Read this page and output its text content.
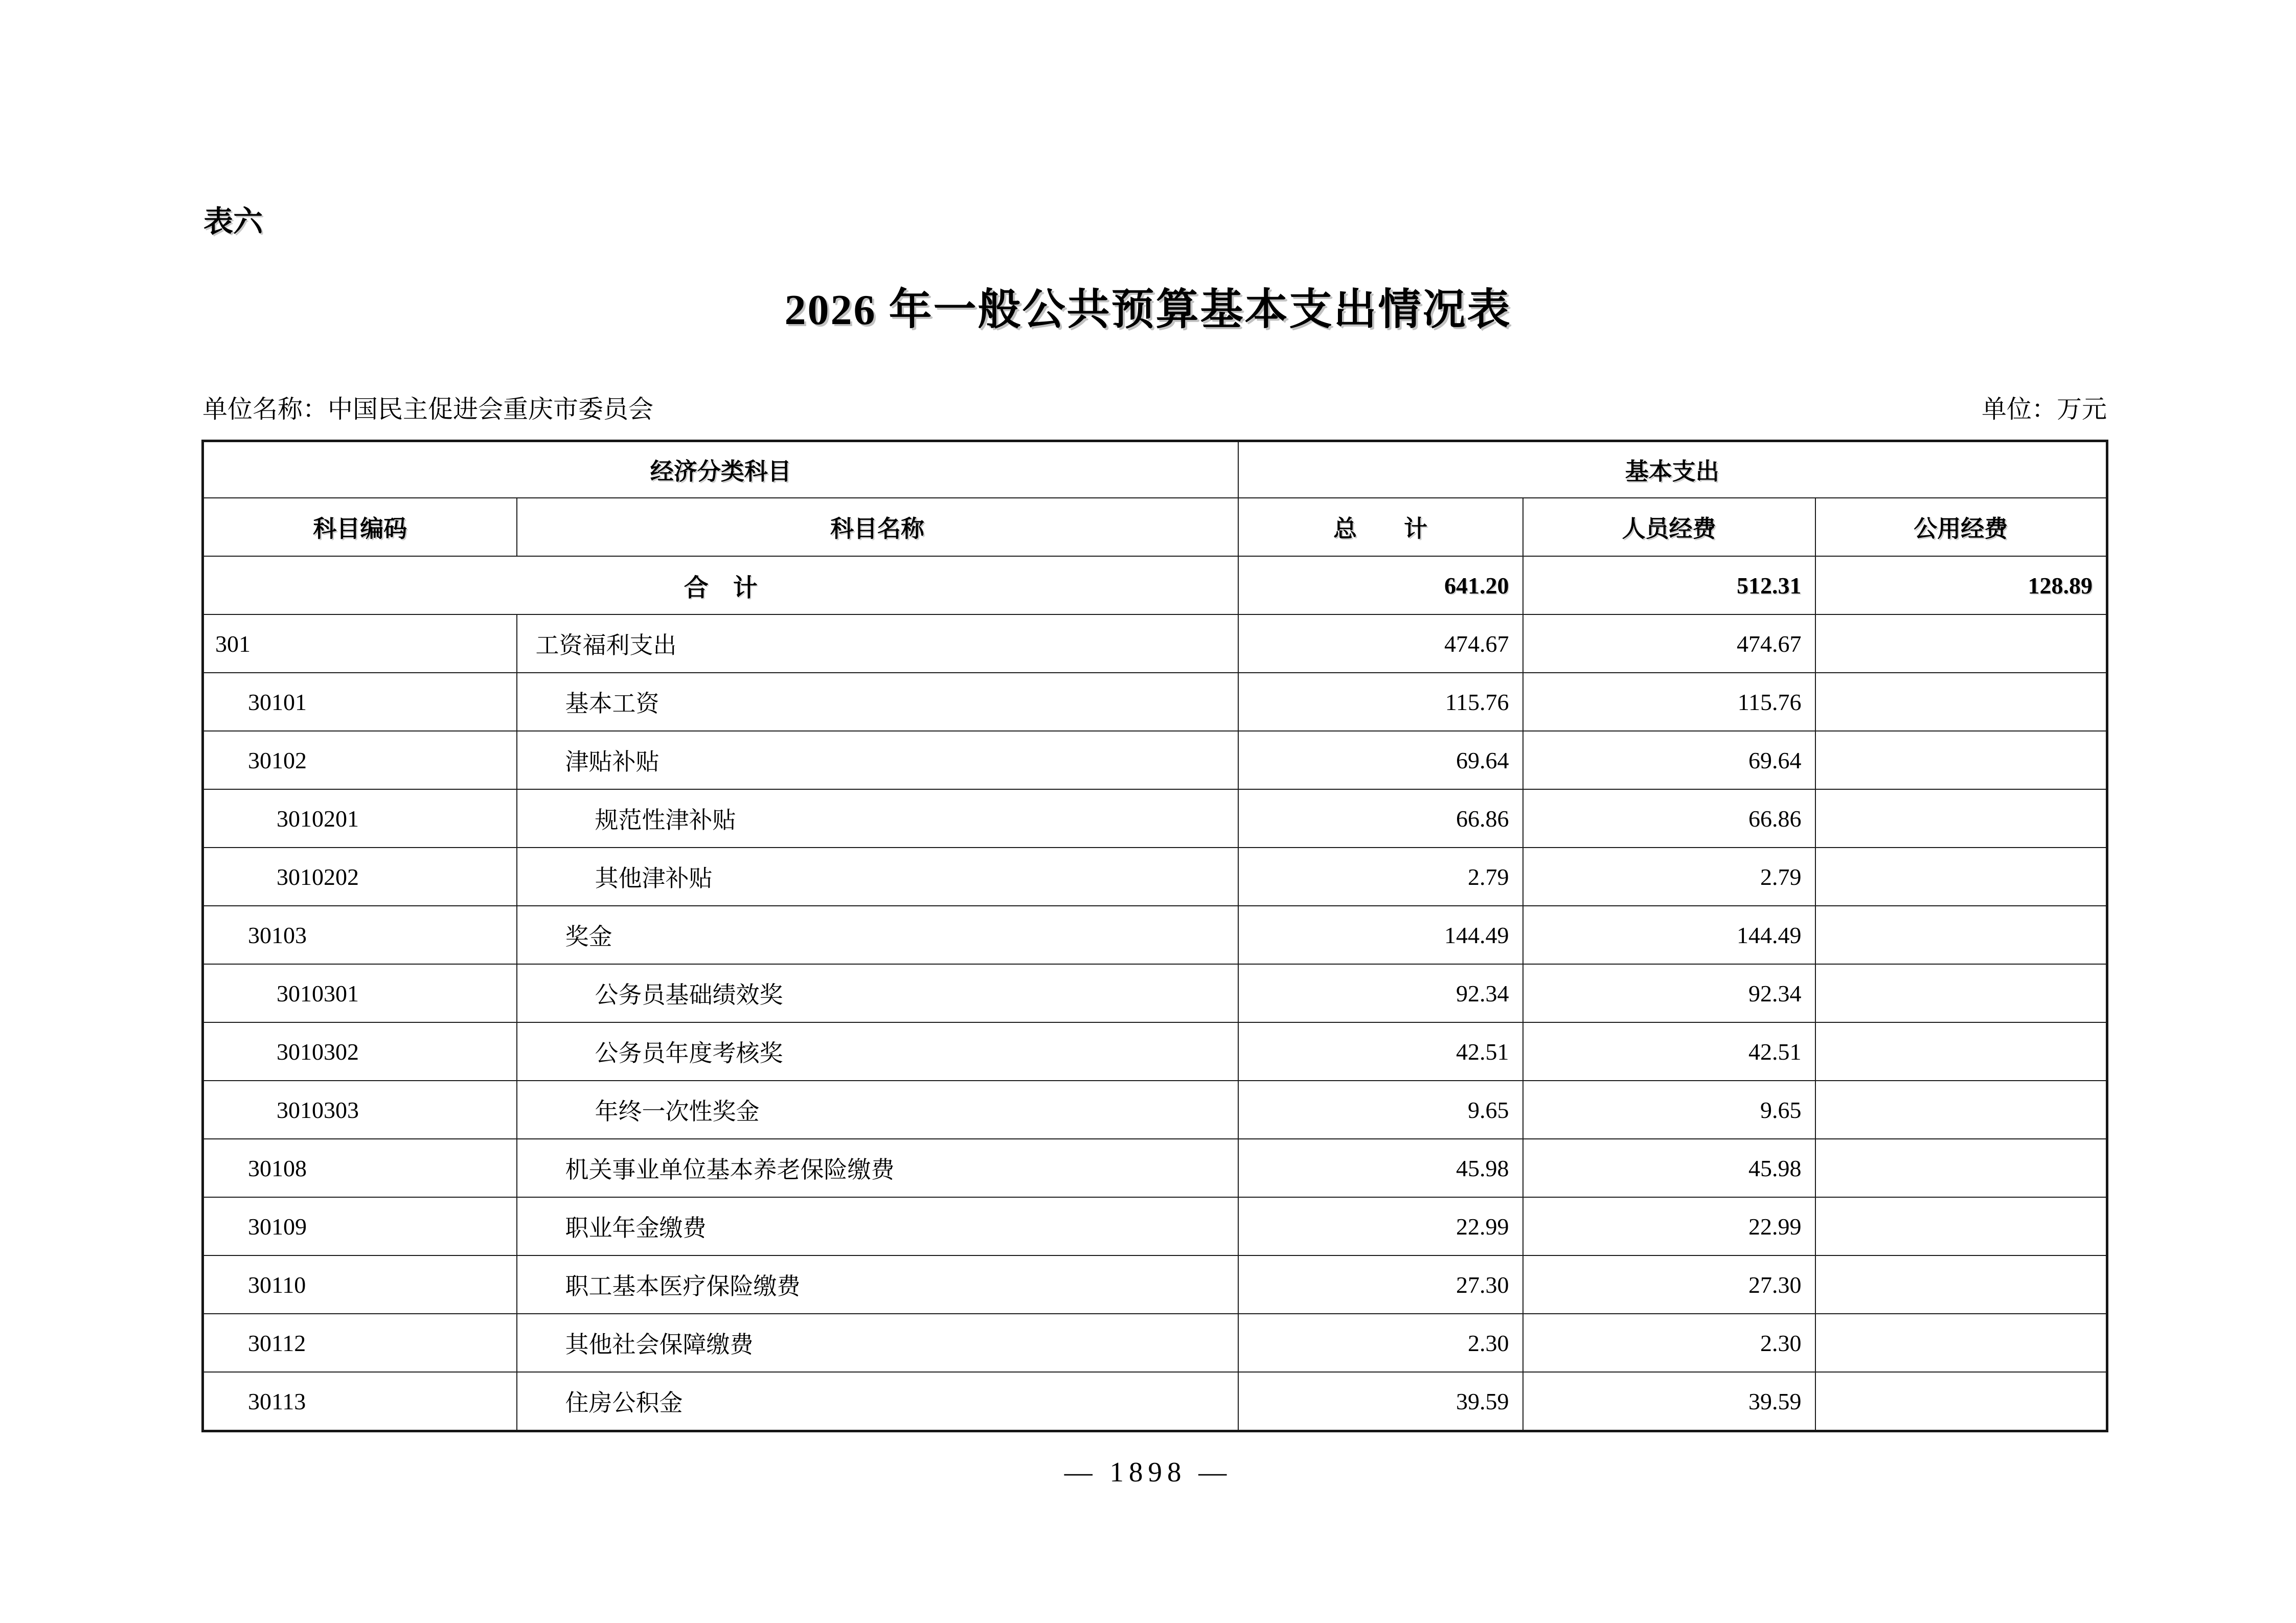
表六
2026 年一般公共预算基本支出情况表
单位名称：中国民主促进会重庆市委员会	单位：万元
经济分类科目		基本支出		
科目编码	科目名称	总　　计	人员经费	公用经费
合　计		641.20	512.31	128.89
301	工资福利支出	474.67	474.67	
30101	基本工资	115.76	115.76	
30102	津贴补贴	69.64	69.64	
3010201	规范性津补贴	66.86	66.86	
3010202	其他津补贴	2.79	2.79	
30103	奖金	144.49	144.49	
3010301	公务员基础绩效奖	92.34	92.34	
3010302	公务员年度考核奖	42.51	42.51	
3010303	年终一次性奖金	9.65	9.65	
30108	机关事业单位基本养老保险缴费	45.98	45.98	
30109	职业年金缴费	22.99	22.99	
30110	职工基本医疗保险缴费	27.30	27.30	
30112	其他社会保障缴费	2.30	2.30	
30113	住房公积金	39.59	39.59	
— 1898 —
